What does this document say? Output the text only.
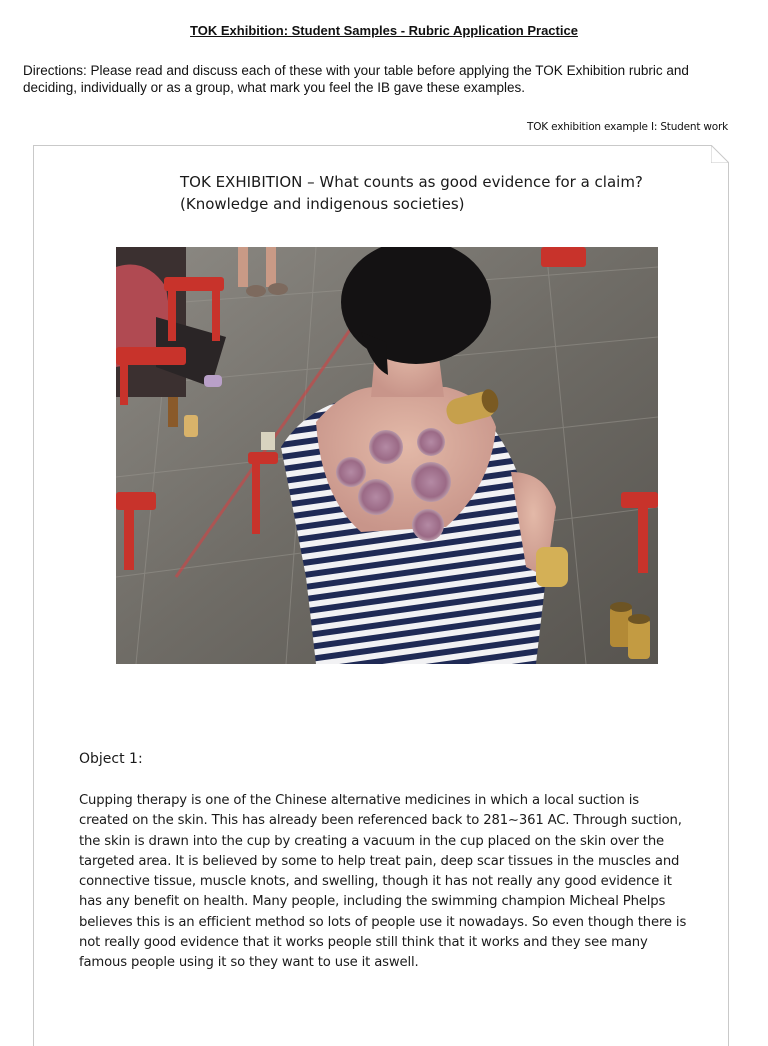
TOK Exhibition: Student Samples - Rubric Application Practice
Directions: Please read and discuss each of these with your table before applying the TOK Exhibition rubric and deciding, individually or as a group, what mark you feel the IB gave these examples.
TOK exhibition example I: Student work
TOK EXHIBITION – What counts as good evidence for a claim?
(Knowledge and indigenous societies)
Object 1:
Cupping therapy is one of the Chinese alternative medicines in which a local suction is created on the skin. This has already been referenced back to 281∼361 AC. Through suction, the skin is drawn into the cup by creating a vacuum in the cup placed on the skin over the targeted area. It is believed by some to help treat pain, deep scar tissues in the muscles and connective tissue, muscle knots, and swelling, though it has not really any good evidence it has any benefit on health. Many people, including the swimming champion Micheal Phelps believes this is an efficient method so lots of people use it nowadays. So even though there is not really good evidence that it works people still think that it works and they see many famous people using it so they want to use it aswell.
